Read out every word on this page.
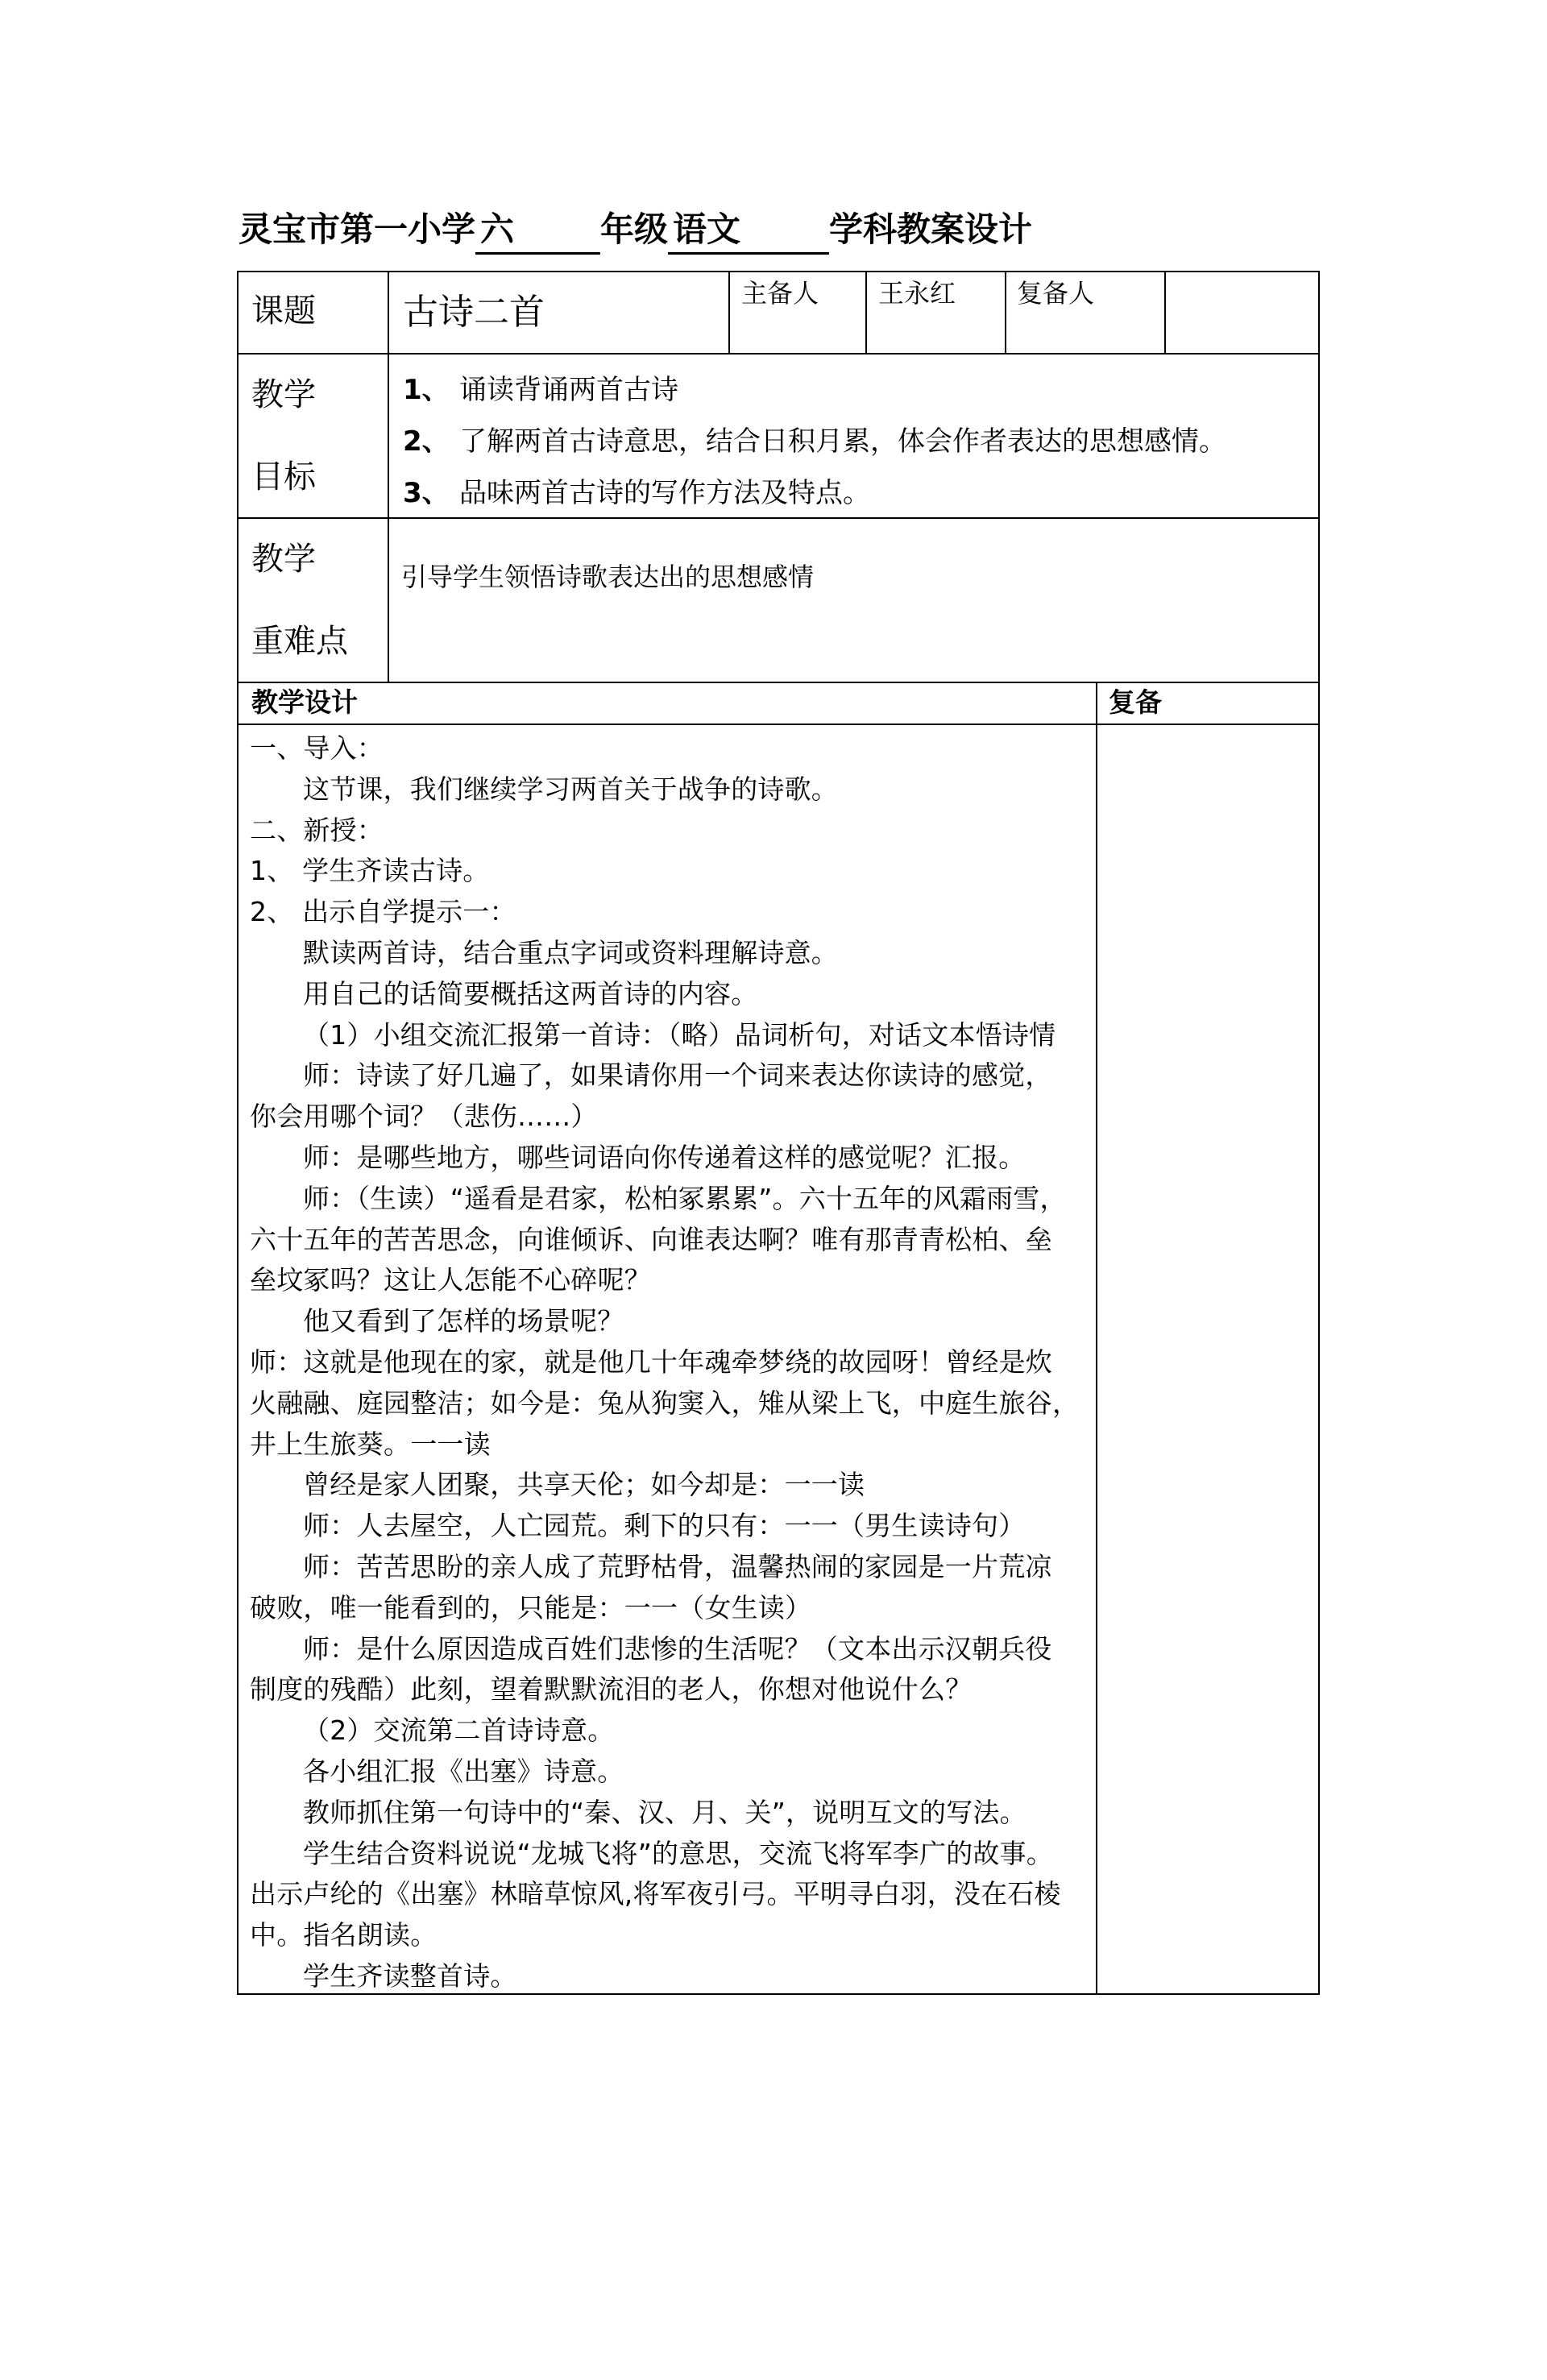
灵宝市第一小学 六	年级 语文	学科教案设计
课题 古诗二首	主备人 王永红 复备人
教学
目标
1、 诵读背诵两首古诗
2、 了解两首古诗意思，结合日积月累，体会作者表达的思想感情。
3、 品味两首古诗的写作方法及特点。
教学
重难点
引导学生领悟诗歌表达出的思想感情
教学设计	复备
一、导入：
这节课，我们继续学习两首关于战争的诗歌。
二、新授：
1、 学生齐读古诗。
2、 出示自学提示一：
默读两首诗，结合重点字词或资料理解诗意。
用自己的话简要概括这两首诗的内容。
（1）小组交流汇报第一首诗：（略）品词析句，对话文本悟诗情
师：诗读了好几遍了，如果请你用一个词来表达你读诗的感觉，
你会用哪个词？（悲伤……）
师：是哪些地方，哪些词语向你传递着这样的感觉呢？汇报。
师：（生读）“遥看是君家，松柏冢累累”。六十五年的风霜雨雪，
六十五年的苦苦思念，向谁倾诉、向谁表达啊？唯有那青青松柏、垒
垒坟冢吗？这让人怎能不心碎呢？
他又看到了怎样的场景呢？
师：这就是他现在的家，就是他几十年魂牵梦绕的故园呀！曾经是炊
火融融、庭园整洁；如今是：兔从狗窦入，雉从梁上飞，中庭生旅谷，
井上生旅葵。一一读
曾经是家人团聚，共享天伦；如今却是：一一读
师：人去屋空，人亡园荒。剩下的只有：一一（男生读诗句）
师：苦苦思盼的亲人成了荒野枯骨，温馨热闹的家园是一片荒凉
破败，唯一能看到的，只能是：一一（女生读）
师：是什么原因造成百姓们悲惨的生活呢？（文本出示汉朝兵役
制度的残酷）此刻，望着默默流泪的老人，你想对他说什么？
（2）交流第二首诗诗意。
各小组汇报《出塞》诗意。
教师抓住第一句诗中的“秦、汉、月、关”，说明互文的写法。
学生结合资料说说“龙城飞将”的意思，交流飞将军李广的故事。
出示卢纶的《出塞》林暗草惊风,将军夜引弓。平明寻白羽，没在石棱
中。指名朗读。
学生齐读整首诗。
